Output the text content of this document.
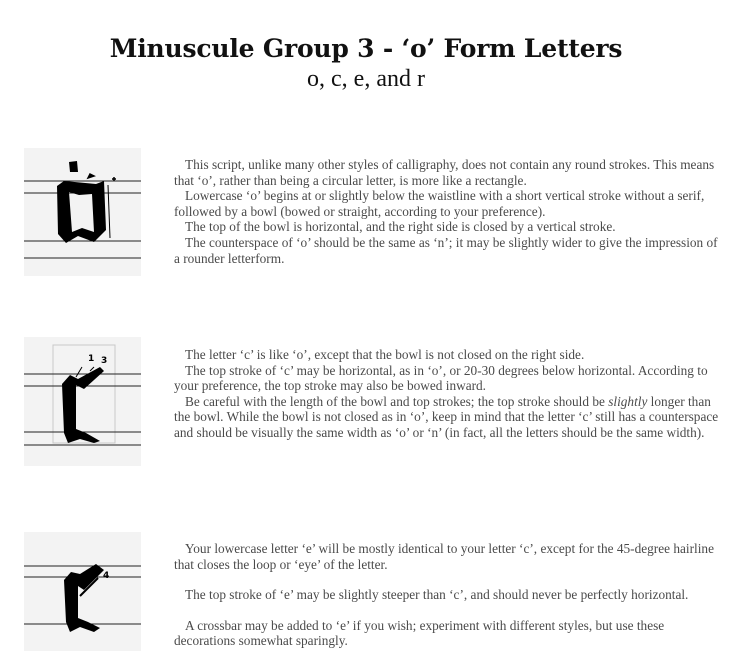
Minuscule Group 3 - ‘o’ Form Letters
o, c, e, and r

This script, unlike many other styles of calligraphy, does not contain any round strokes. This means that ‘o’, rather than being a circular letter, is more like a rectangle.

Lowercase ‘o’ begins at or slightly below the waistline with a short vertical stroke without a serif, followed by a bowl (bowed or straight, according to your preference).

The top of the bowl is horizontal, and the right side is closed by a vertical stroke.

The counterspace of ‘o’ should be the same as ‘n’; it may be slightly wider to give the impression of a rounder letterform.

1
2
3	The letter ‘c’ is like ‘o’, except that the bowl is not closed on the right side.

The top stroke of ‘c’ may be horizontal, as in ‘o’, or 20-30 degrees below horizontal. According to your preference, the top stroke may also be bowed inward.

Be careful with the length of the bowl and top strokes; the top stroke should be slightly longer than the bowl. While the bowl is not closed as in ‘o’, keep in mind that the letter ‘c’ still has a counterspace and should be visually the same width as ‘o’ or ‘n’ (in fact, all the letters should be the same width).

4

Your lowercase letter ‘e’ will be mostly identical to your letter ‘c’, except for the 45-degree hairline that closes the loop or ‘eye’ of the letter.

The top stroke of ‘e’ may be slightly steeper than ‘c’, and should never be perfectly horizontal.

A crossbar may be added to ‘e’ if you wish; experiment with different styles, but use these decorations somewhat sparingly.
